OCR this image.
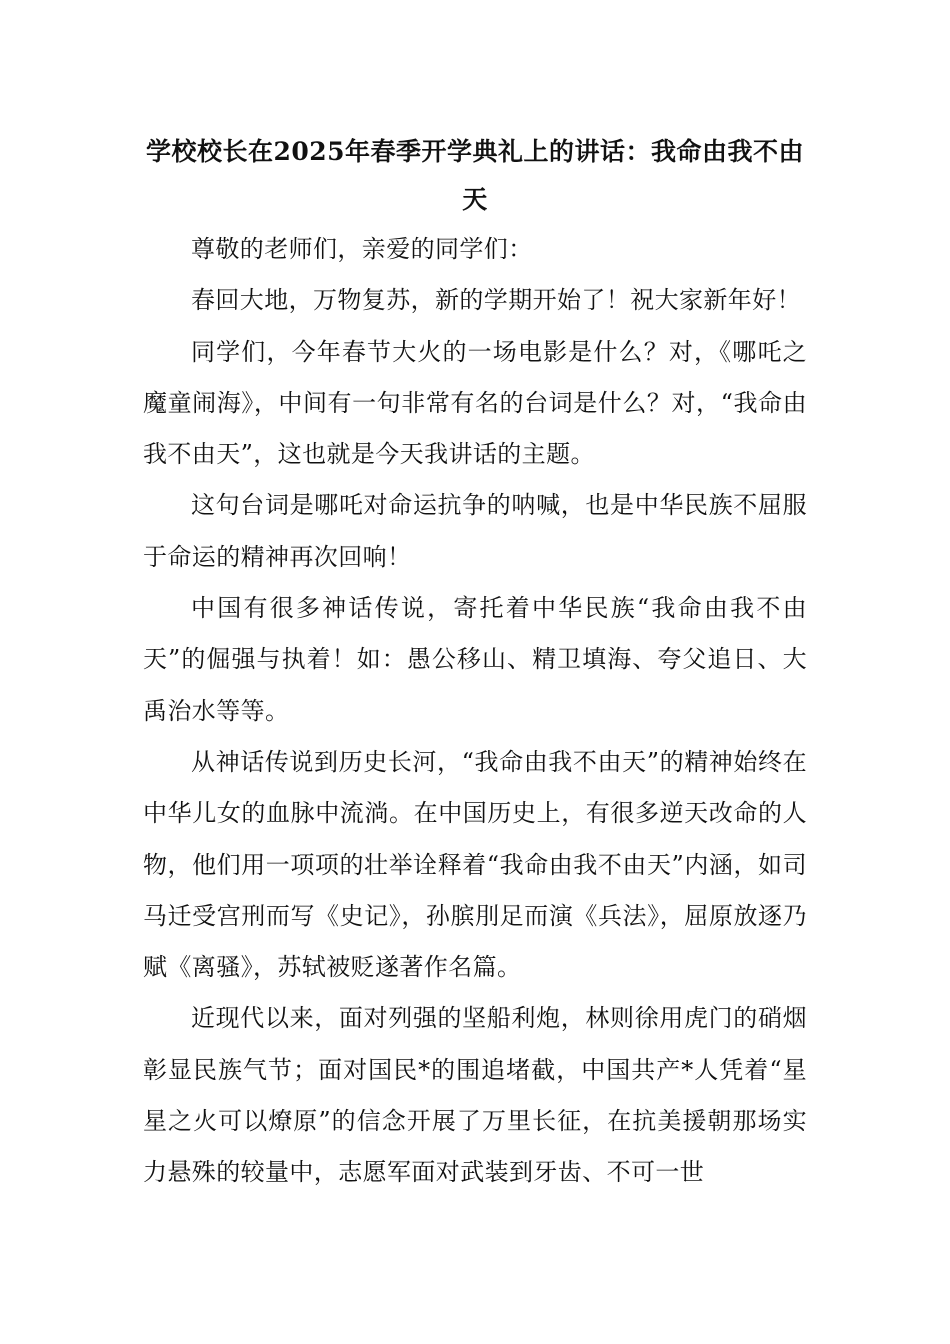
学校校长在2025年春季开学典礼上的讲话：我命由我不由天

尊敬的老师们，亲爱的同学们：

春回大地，万物复苏，新的学期开始了！祝大家新年好！

同学们，今年春节大火的一场电影是什么？对，《哪吒之魔童闹海》，中间有一句非常有名的台词是什么？对，“我命由我不由天”，这也就是今天我讲话的主题。

这句台词是哪吒对命运抗争的呐喊，也是中华民族不屈服于命运的精神再次回响！

中国有很多神话传说，寄托着中华民族“我命由我不由天”的倔强与执着！如：愚公移山、精卫填海、夸父追日、大禹治水等等。

从神话传说到历史长河，“我命由我不由天”的精神始终在中华儿女的血脉中流淌。在中国历史上，有很多逆天改命的人物，他们用一项项的壮举诠释着“我命由我不由天”内涵，如司马迁受宫刑而写《史记》，孙膑刖足而演《兵法》，屈原放逐乃赋《离骚》，苏轼被贬遂著作名篇。

近现代以来，面对列强的坚船利炮，林则徐用虎门的硝烟彰显民族气节；面对国民*的围追堵截，中国共产*人凭着“星星之火可以燎原”的信念开展了万里长征，在抗美援朝那场实力悬殊的较量中，志愿军面对武装到牙齿、不可一世
